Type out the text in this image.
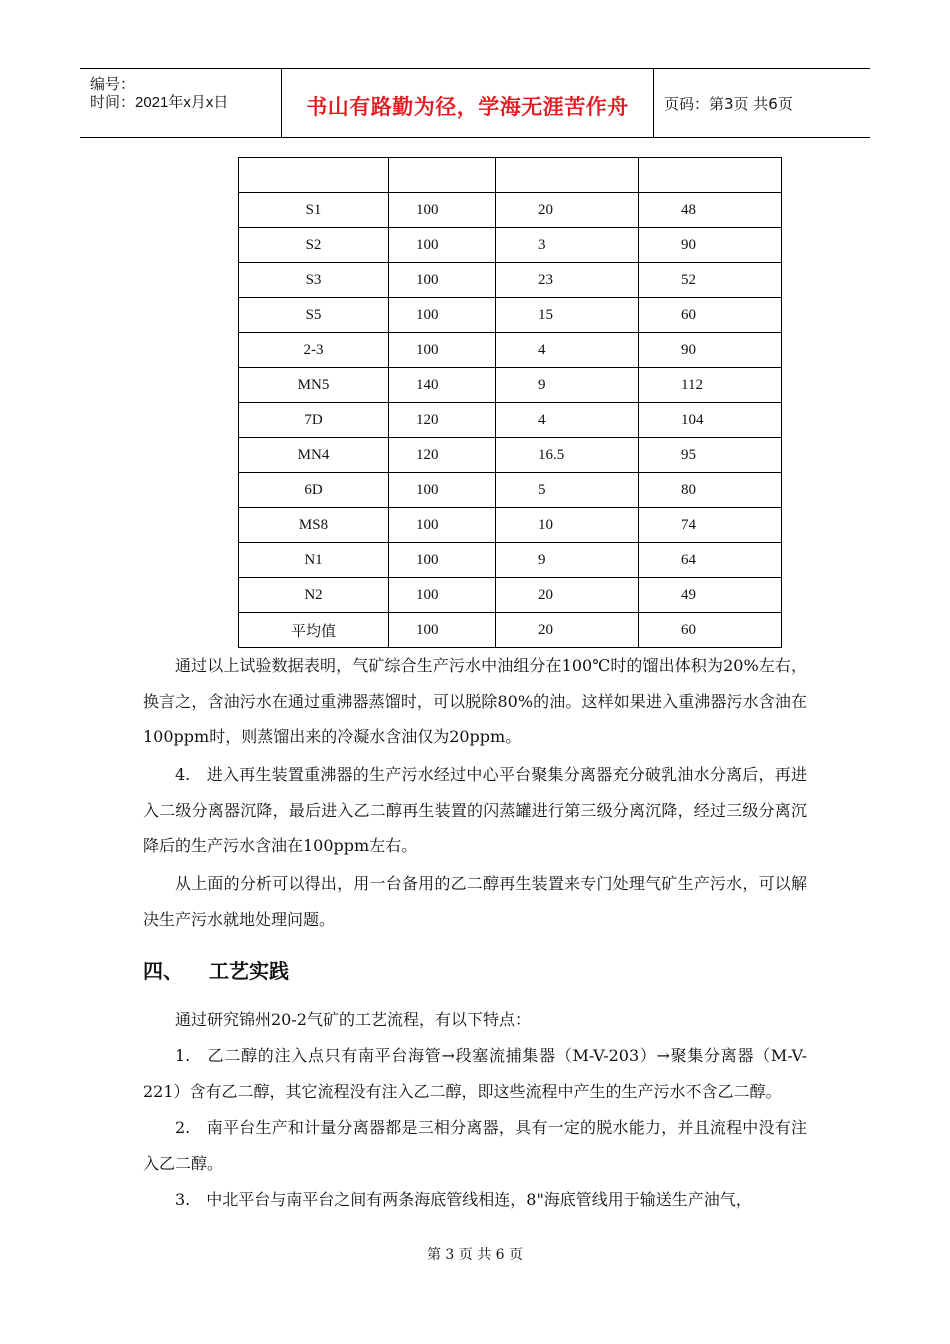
编号：
时间：2021年x月x日	书山有路勤为径，学海无涯苦作舟	页码：第3页 共6页

S1	100	20	48
S2	100	3	90
S3	100	23	52
S5	100	15	60
2-3	100	4	90
MN5	140	9	112
7D	120	4	104
MN4	120	16.5	95
6D	100	5	80
MS8	100	10	74
N1	100	9	64
N2	100	20	49
平均值	100	20	60

通过以上试验数据表明，气矿综合生产污水中油组分在100℃时的馏出体积为20%左右，换言之，含油污水在通过重沸器蒸馏时，可以脱除80%的油。这样如果进入重沸器污水含油在100ppm时，则蒸馏出来的冷凝水含油仅为20ppm。

4.　进入再生装置重沸器的生产污水经过中心平台聚集分离器充分破乳油水分离后，再进入二级分离器沉降，最后进入乙二醇再生装置的闪蒸罐进行第三级分离沉降，经过三级分离沉降后的生产污水含油在100ppm左右。

从上面的分析可以得出，用一台备用的乙二醇再生装置来专门处理气矿生产污水，可以解决生产污水就地处理问题。

四、 工艺实践

通过研究锦州20-2气矿的工艺流程，有以下特点：

1.　乙二醇的注入点只有南平台海管→段塞流捕集器（M-V-203）→聚集分离器（M-V-221）含有乙二醇，其它流程没有注入乙二醇，即这些流程中产生的生产污水不含乙二醇。

2.　南平台生产和计量分离器都是三相分离器，具有一定的脱水能力，并且流程中没有注入乙二醇。

3.　中北平台与南平台之间有两条海底管线相连，8"海底管线用于输送生产油气，

第 3 页 共 6 页
